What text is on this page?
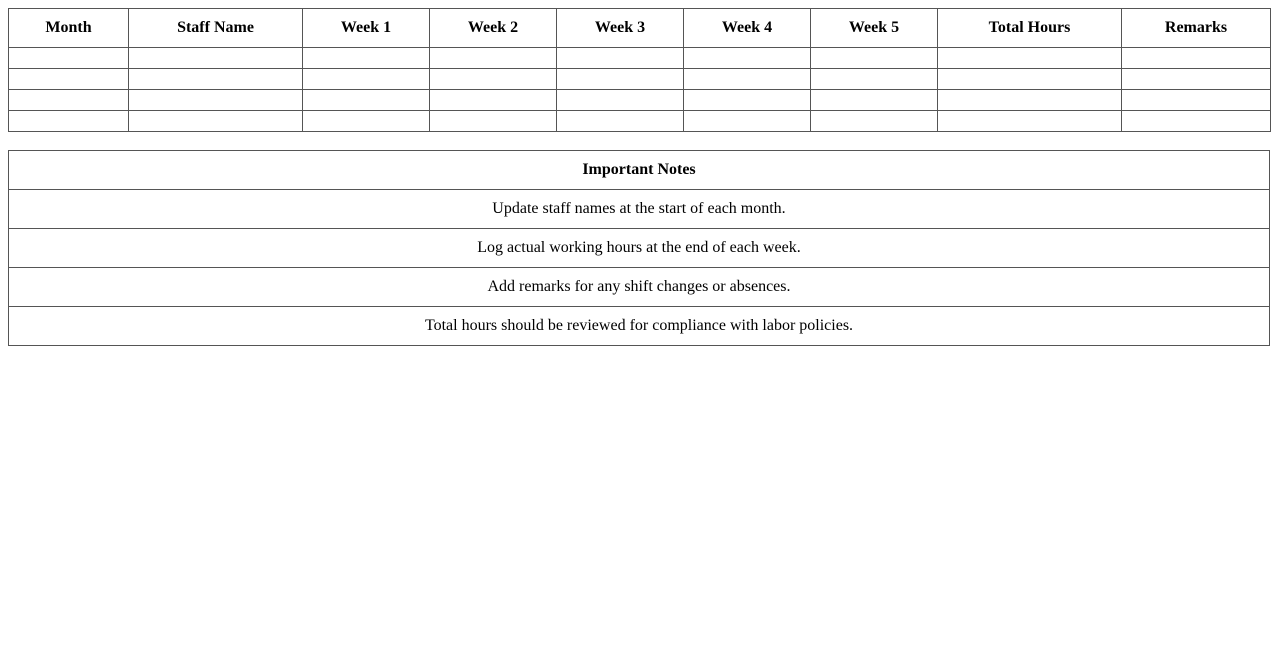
Month	Staff Name	Week 1	Week 2	Week 3	Week 4	Week 5	Total Hours	Remarks

Important Notes
Update staff names at the start of each month.
Log actual working hours at the end of each week.
Add remarks for any shift changes or absences.
Total hours should be reviewed for compliance with labor policies.
